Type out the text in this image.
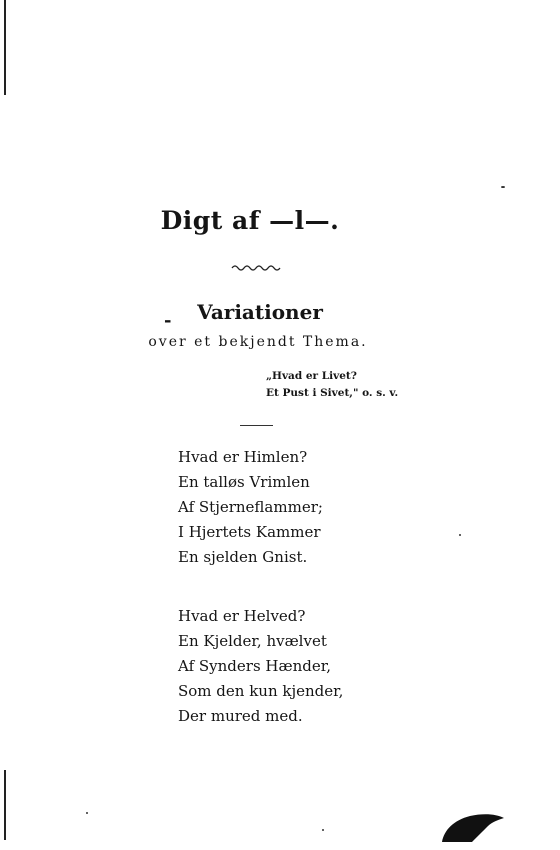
Digt af —l—.
-	Variationer
over et bekjendt Thema.
„Hvad er Livet?
Et Pust i Sivet," o. s. v.
Hvad er Himlen?
En talløs Vrimlen
Af Stjerneflammer;
I Hjertets Kammer
En sjelden Gnist.
Hvad er Helved?
En Kjelder, hvælvet
Af Synders Hænder,
Som den kun kjender,
Der mured med.
